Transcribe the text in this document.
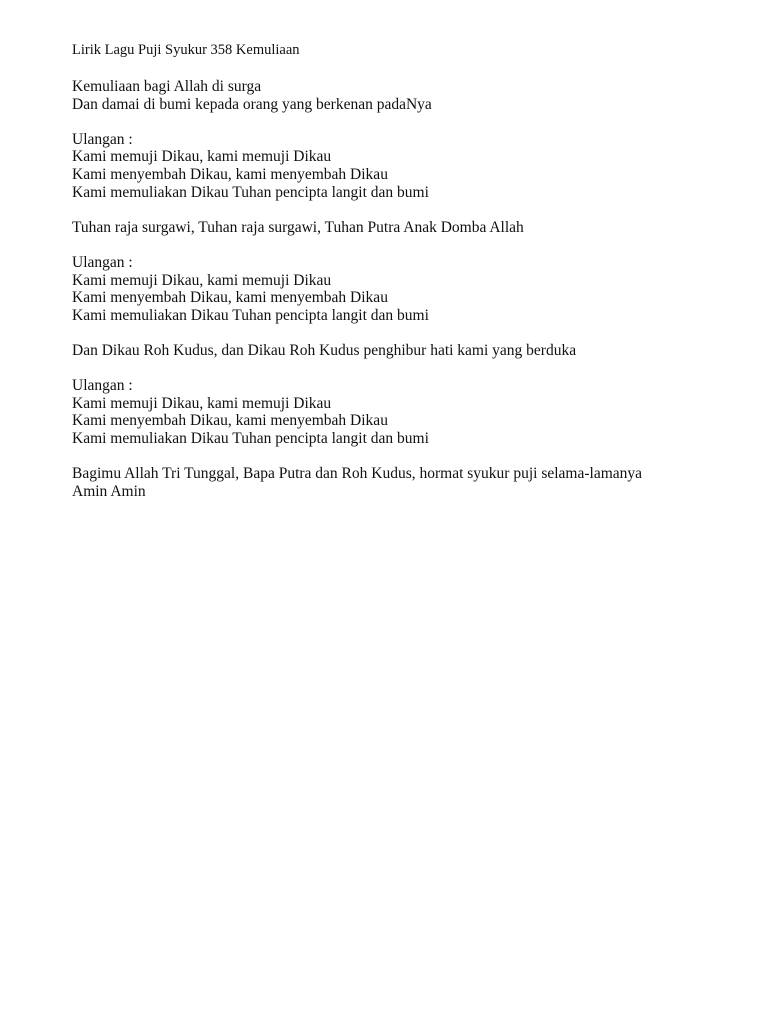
Lirik Lagu Puji Syukur 358 Kemuliaan
Kemuliaan bagi Allah di surga
Dan damai di bumi kepada orang yang berkenan padaNya
Ulangan :
Kami memuji Dikau, kami memuji Dikau
Kami menyembah Dikau, kami menyembah Dikau
Kami memuliakan Dikau Tuhan pencipta langit dan bumi
Tuhan raja surgawi, Tuhan raja surgawi, Tuhan Putra Anak Domba Allah
Ulangan :
Kami memuji Dikau, kami memuji Dikau
Kami menyembah Dikau, kami menyembah Dikau
Kami memuliakan Dikau Tuhan pencipta langit dan bumi
Dan Dikau Roh Kudus, dan Dikau Roh Kudus penghibur hati kami yang berduka
Ulangan :
Kami memuji Dikau, kami memuji Dikau
Kami menyembah Dikau, kami menyembah Dikau
Kami memuliakan Dikau Tuhan pencipta langit dan bumi
Bagimu Allah Tri Tunggal, Bapa Putra dan Roh Kudus, hormat syukur puji selama-lamanya
Amin Amin
